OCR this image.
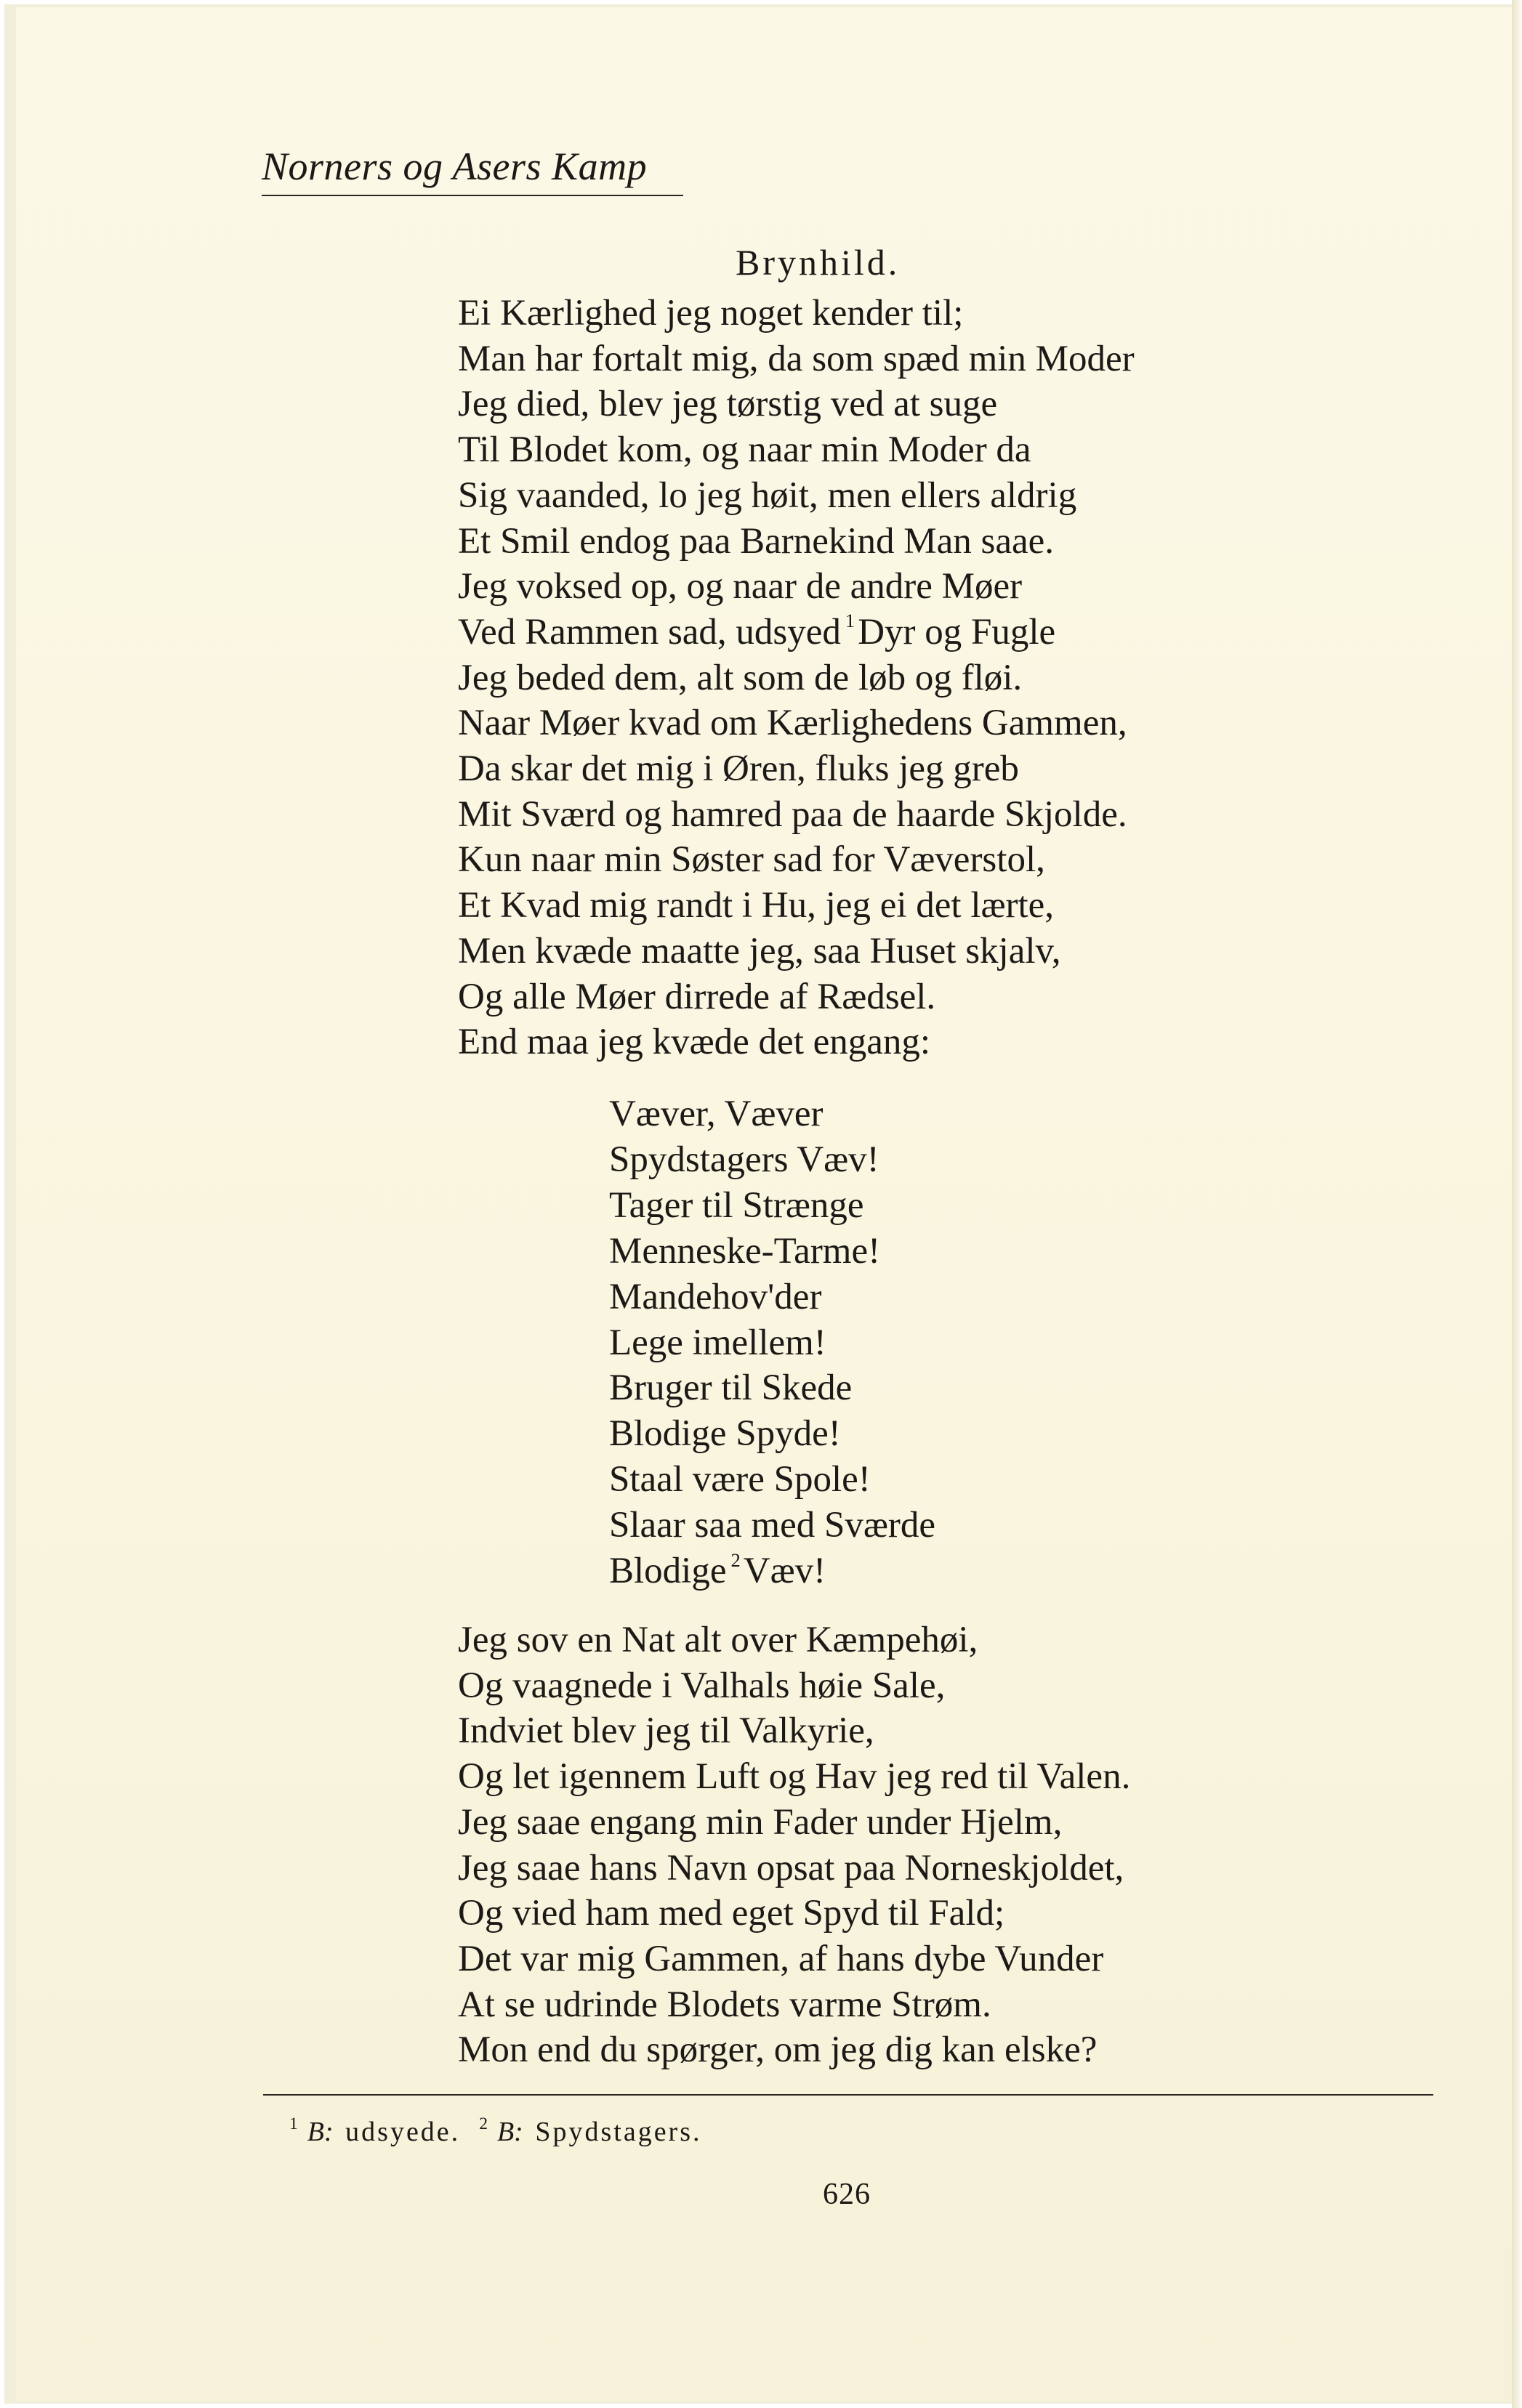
Norners og Asers Kamp
Brynhild.
Ei Kærlighed jeg noget kender til;
Man har fortalt mig, da som spæd min Moder
Jeg died, blev jeg tørstig ved at suge
Til Blodet kom, og naar min Moder da
Sig vaanded, lo jeg høit, men ellers aldrig
Et Smil endog paa Barnekind Man saae.
Jeg voksed op, og naar de andre Møer
Ved Rammen sad, udsyed $^1$Dyr og Fugle
Jeg beded dem, alt som de løb og fløi.
Naar Møer kvad om Kærlighedens Gammen,
Da skar det mig i Øren, fluks jeg greb
Mit Sværd og hamred paa de haarde Skjolde.
Kun naar min Søster sad for Væverstol,
Et Kvad mig randt i Hu, jeg ei det lærte,
Men kvæde maatte jeg, saa Huset skjalv,
Og alle Møer dirrede af Rædsel.
End maa jeg kvæde det engang:
Væver, Væver
Spydstagers Væv!
Tager til Strænge
Menneske-Tarme!
Mandehov'der
Lege imellem!
Bruger til Skede
Blodige Spyde!
Staal være Spole!
Slaar saa med Sværde
Blodige $^2$Væv!
Jeg sov en Nat alt over Kæmpehøi,
Og vaagnede i Valhals høie Sale,
Indviet blev jeg til Valkyrie,
Og let igennem Luft og Hav jeg red til Valen.
Jeg saae engang min Fader under Hjelm,
Jeg saae hans Navn opsat paa Norneskjoldet,
Og vied ham med eget Spyd til Fald;
Det var mig Gammen, af hans dybe Vunder
At se udrinde Blodets varme Strøm.
Mon end du spørger, om jeg dig kan elske?
$^1$ B: udsyede. $^2$ B: Spydstagers.
626
